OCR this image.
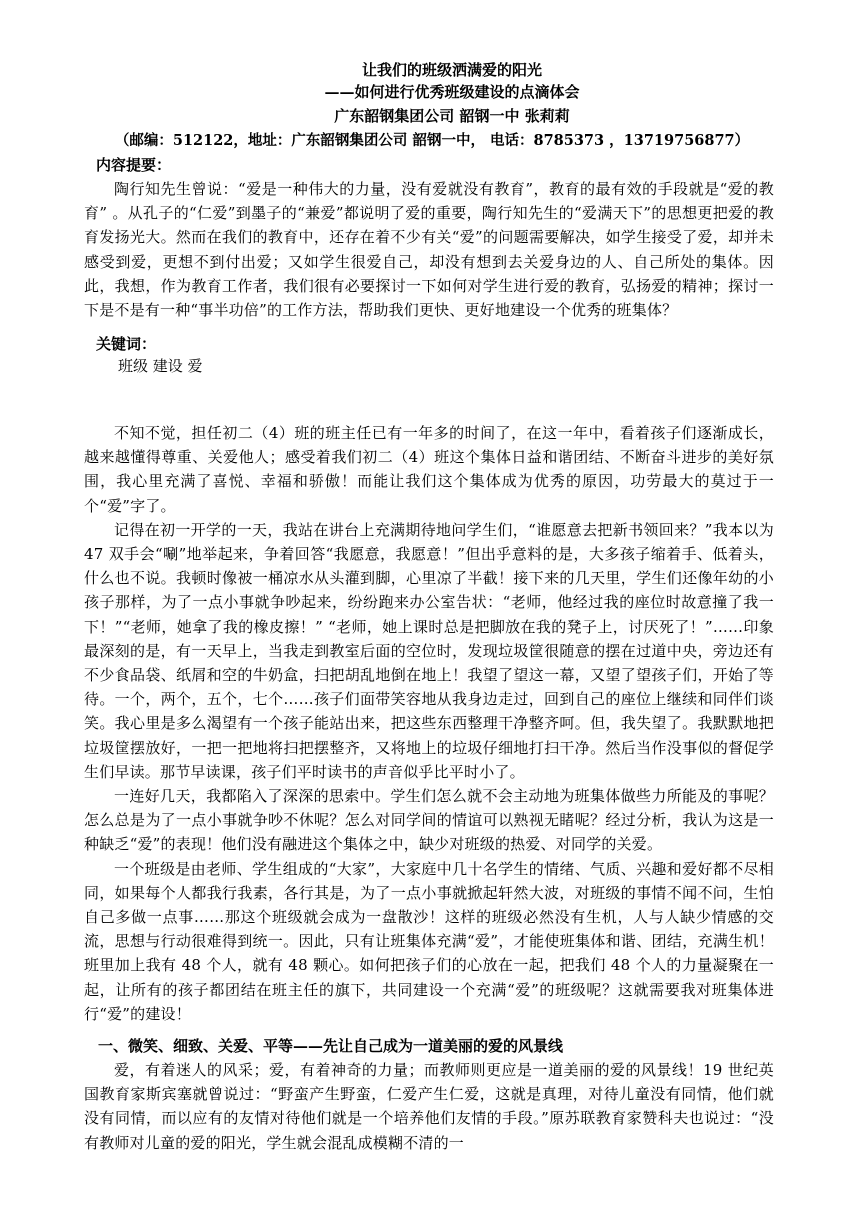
让我们的班级洒满爱的阳光
——如何进行优秀班级建设的点滴体会
广东韶钢集团公司 韶钢一中 张莉莉
（邮编：512122，地址：广东韶钢集团公司 韶钢一中， 电话：8785373 ，13719756877）
内容提要：

陶行知先生曾说：“爱是一种伟大的力量，没有爱就没有教育”，教育的最有效的手段就是“爱的教育” 。从孔子的“仁爱”到墨子的“兼爱”都说明了爱的重要，陶行知先生的“爱满天下”的思想更把爱的教育发扬光大。然而在我们的教育中，还存在着不少有关“爱”的问题需要解决，如学生接受了爱，却并未感受到爱，更想不到付出爱；又如学生很爱自己，却没有想到去关爱身边的人、自己所处的集体。因此，我想，作为教育工作者，我们很有必要探讨一下如何对学生进行爱的教育，弘扬爱的精神；探讨一下是不是有一种“事半功倍”的工作方法，帮助我们更快、更好地建设一个优秀的班集体？

关键词：
班级 建设 爱

不知不觉，担任初二（4）班的班主任已有一年多的时间了，在这一年中，看着孩子们逐渐成长，越来越懂得尊重、关爱他人；感受着我们初二（4）班这个集体日益和谐团结、不断奋斗进步的美好氛围，我心里充满了喜悦、幸福和骄傲！而能让我们这个集体成为优秀的原因，功劳最大的莫过于一个“爱”字了。

记得在初一开学的一天，我站在讲台上充满期待地问学生们，“谁愿意去把新书领回来？”我本以为 47 双手会“唰”地举起来，争着回答“我愿意，我愿意！”但出乎意料的是，大多孩子缩着手、低着头，什么也不说。我顿时像被一桶凉水从头灌到脚，心里凉了半截！接下来的几天里，学生们还像年幼的小孩子那样，为了一点小事就争吵起来，纷纷跑来办公室告状：“老师，他经过我的座位时故意撞了我一下！”“老师，她拿了我的橡皮擦！” “老师，她上课时总是把脚放在我的凳子上，讨厌死了！”……印象最深刻的是，有一天早上，当我走到教室后面的空位时，发现垃圾筐很随意的摆在过道中央，旁边还有不少食品袋、纸屑和空的牛奶盒，扫把胡乱地倒在地上！我望了望这一幕，又望了望孩子们，开始了等待。一个，两个，五个，七个……孩子们面带笑容地从我身边走过，回到自己的座位上继续和同伴们谈笑。我心里是多么渴望有一个孩子能站出来，把这些东西整理干净整齐呵。但，我失望了。我默默地把垃圾筐摆放好，一把一把地将扫把摆整齐，又将地上的垃圾仔细地打扫干净。然后当作没事似的督促学生们早读。那节早读课，孩子们平时读书的声音似乎比平时小了。

一连好几天，我都陷入了深深的思索中。学生们怎么就不会主动地为班集体做些力所能及的事呢？怎么总是为了一点小事就争吵不休呢？怎么对同学间的情谊可以熟视无睹呢？经过分析，我认为这是一种缺乏“爱”的表现！他们没有融进这个集体之中，缺少对班级的热爱、对同学的关爱。

一个班级是由老师、学生组成的“大家”，大家庭中几十名学生的情绪、气质、兴趣和爱好都不尽相同，如果每个人都我行我素，各行其是，为了一点小事就掀起轩然大波，对班级的事情不闻不问，生怕自己多做一点事……那这个班级就会成为一盘散沙！这样的班级必然没有生机，人与人缺少情感的交流，思想与行动很难得到统一。因此，只有让班集体充满“爱”，才能使班集体和谐、团结，充满生机！班里加上我有 48 个人，就有 48 颗心。如何把孩子们的心放在一起，把我们 48 个人的力量凝聚在一起，让所有的孩子都团结在班主任的旗下，共同建设一个充满“爱”的班级呢？这就需要我对班集体进行“爱”的建设！

一、微笑、细致、关爱、平等——先让自己成为一道美丽的爱的风景线

爱，有着迷人的风采；爱，有着神奇的力量；而教师则更应是一道美丽的爱的风景线！19 世纪英国教育家斯宾塞就曾说过：“野蛮产生野蛮，仁爱产生仁爱，这就是真理，对待儿童没有同情，他们就没有同情，而以应有的友情对待他们就是一个培养他们友情的手段。”原苏联教育家赞科夫也说过：“没有教师对儿童的爱的阳光，学生就会混乱成模糊不清的一
